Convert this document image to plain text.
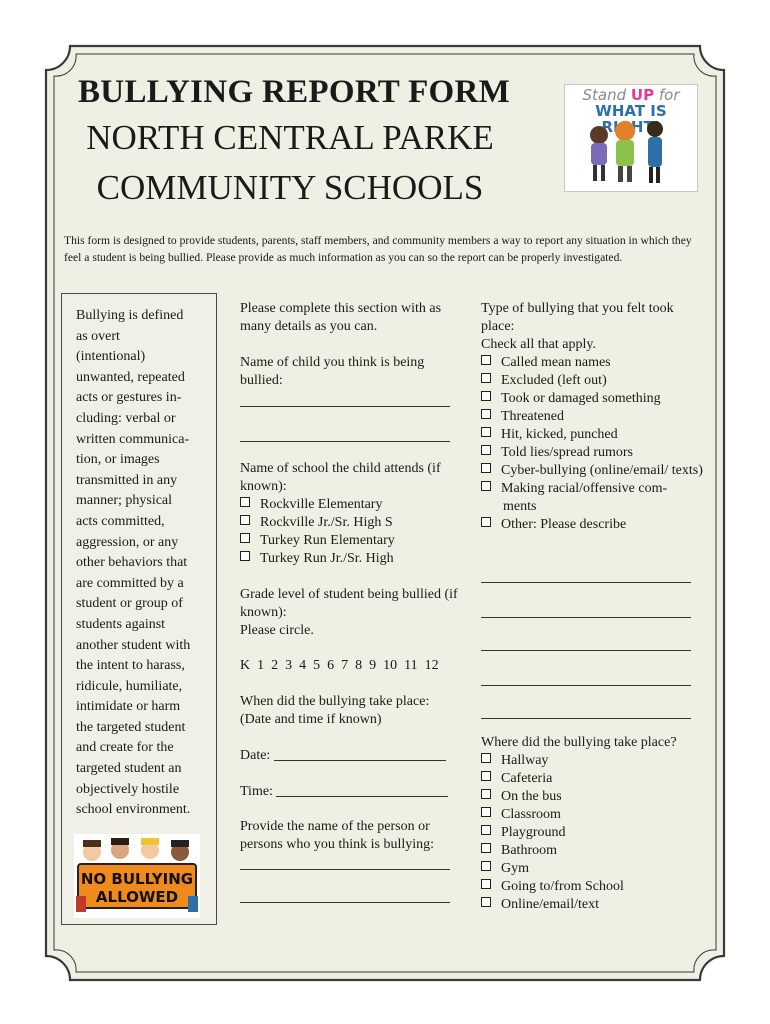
BULLYING REPORT FORM
NORTH CENTRAL PARKE
COMMUNITY SCHOOLS
Stand UP for
WHAT IS

This form is designed to provide students, parents, staff members, and community members a way to report any situation in which they feel a student is being bullied. Please provide as much information as you can so the report can be properly investigated.

Bullying is defined
as overt
(intentional)
unwanted, repeated
acts or gestures in-
cluding: verbal or
written communica-
tion, or images
transmitted in any
manner; physical
acts committed,
aggression, or any
other behaviors that
are committed by a
student or group of
students against
another student with
the intent to harass,
ridicule, humiliate,
intimidate or harm
the targeted student
and create for the
targeted student an
objectively hostile
school environment.
NO BULLYING
ALLOWED
Please complete this section with as many details as you can.
Name of child you think is being bullied:
Name of school the child attends (if known):
Rockville Elementary
Rockville Jr./Sr. High S
Turkey Run Elementary
Turkey Run Jr./Sr. High
Grade level of student being bullied (if known):
Please circle.
K  1  2  3  4  5  6  7  8  9  10  11  12
When did the bullying take place: (Date and time if known)
Date:
Time:
Provide the name of the person or persons who you think is bullying:
Type of bullying that you felt took place:
Check all that apply.
Called mean names
Excluded (left out)
Took or damaged something
Threatened
Hit, kicked, punched
Told lies/spread rumors
Cyber-bullying (online/email/ texts)
Making racial/offensive com- ments
Other: Please describe
Where did the bullying take place?
Hallway
Cafeteria
On the bus
Classroom
Playground
Bathroom
Gym
Going to/from School
Online/email/text
